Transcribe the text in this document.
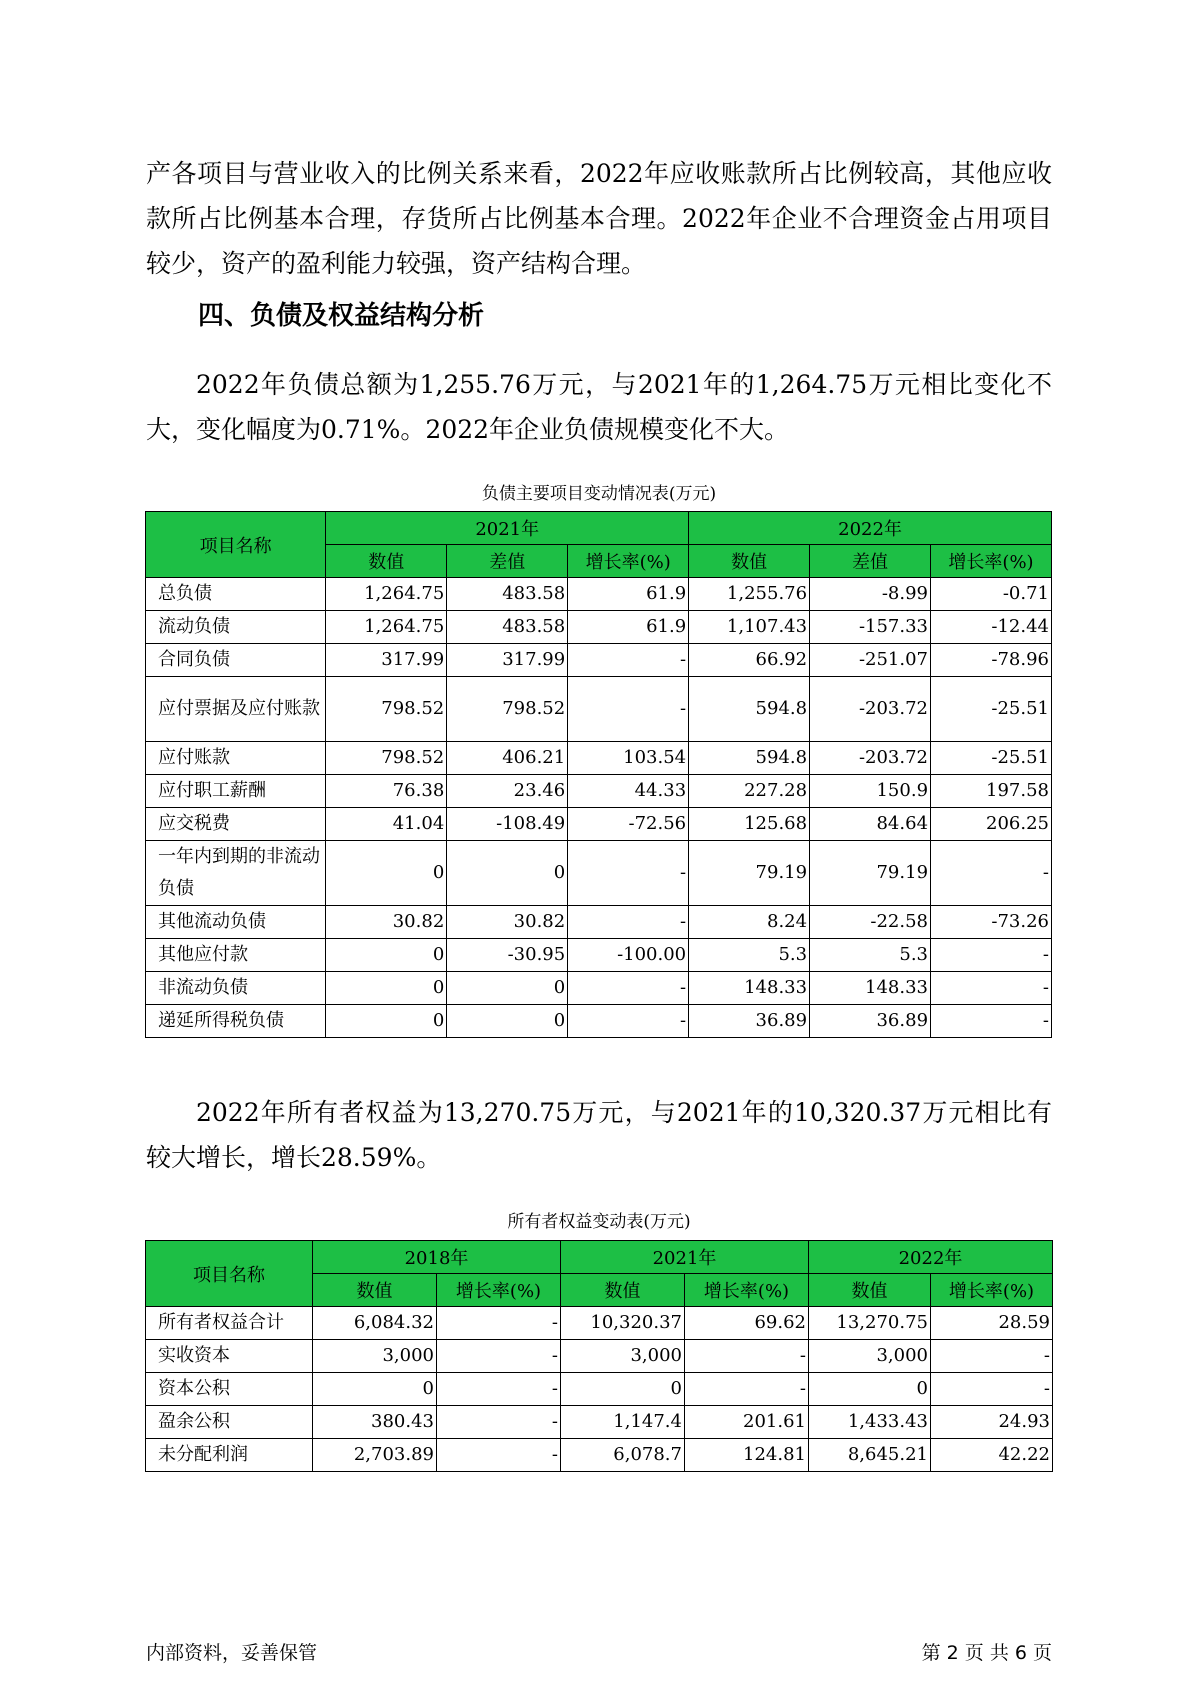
产各项目与营业收入的比例关系来看，2022年应收账款所占比例较高，其他应收款所占比例基本合理，存货所占比例基本合理。2022年企业不合理资金占用项目较少，资产的盈利能力较强，资产结构合理。

四、负债及权益结构分析

2022年负债总额为1,255.76万元，与2021年的1,264.75万元相比变化不大，变化幅度为0.71%。2022年企业负债规模变化不大。

负债主要项目变动情况表(万元)

项目名称	2021年			2022年		
	数值	差值	增长率(%)	数值	差值	增长率(%)
总负债	1,264.75	483.58	61.9	1,255.76	-8.99	-0.71
流动负债	1,264.75	483.58	61.9	1,107.43	-157.33	-12.44
合同负债	317.99	317.99	-	66.92	-251.07	-78.96
应付票据及应付账款	798.52	798.52	-	594.8	-203.72	-25.51
应付账款	798.52	406.21	103.54	594.8	-203.72	-25.51
应付职工薪酬	76.38	23.46	44.33	227.28	150.9	197.58
应交税费	41.04	-108.49	-72.56	125.68	84.64	206.25
一年内到期的非流动负债	0	0	-	79.19	79.19	-
其他流动负债	30.82	30.82	-	8.24	-22.58	-73.26
其他应付款	0	-30.95	-100.00	5.3	5.3	-
非流动负债	0	0	-	148.33	148.33	-
递延所得税负债	0	0	-	36.89	36.89	-

2022年所有者权益为13,270.75万元，与2021年的10,320.37万元相比有较大增长，增长28.59%。

所有者权益变动表(万元)

项目名称	2018年		2021年		2022年	
	数值	增长率(%)	数值	增长率(%)	数值	增长率(%)
所有者权益合计	6,084.32	-	10,320.37	69.62	13,270.75	28.59
实收资本	3,000	-	3,000	-	3,000	-
资本公积	0	-	0	-	0	-
盈余公积	380.43	-	1,147.4	201.61	1,433.43	24.93
未分配利润	2,703.89	-	6,078.7	124.81	8,645.21	42.22

内部资料，妥善保管	第 2 页 共 6 页
